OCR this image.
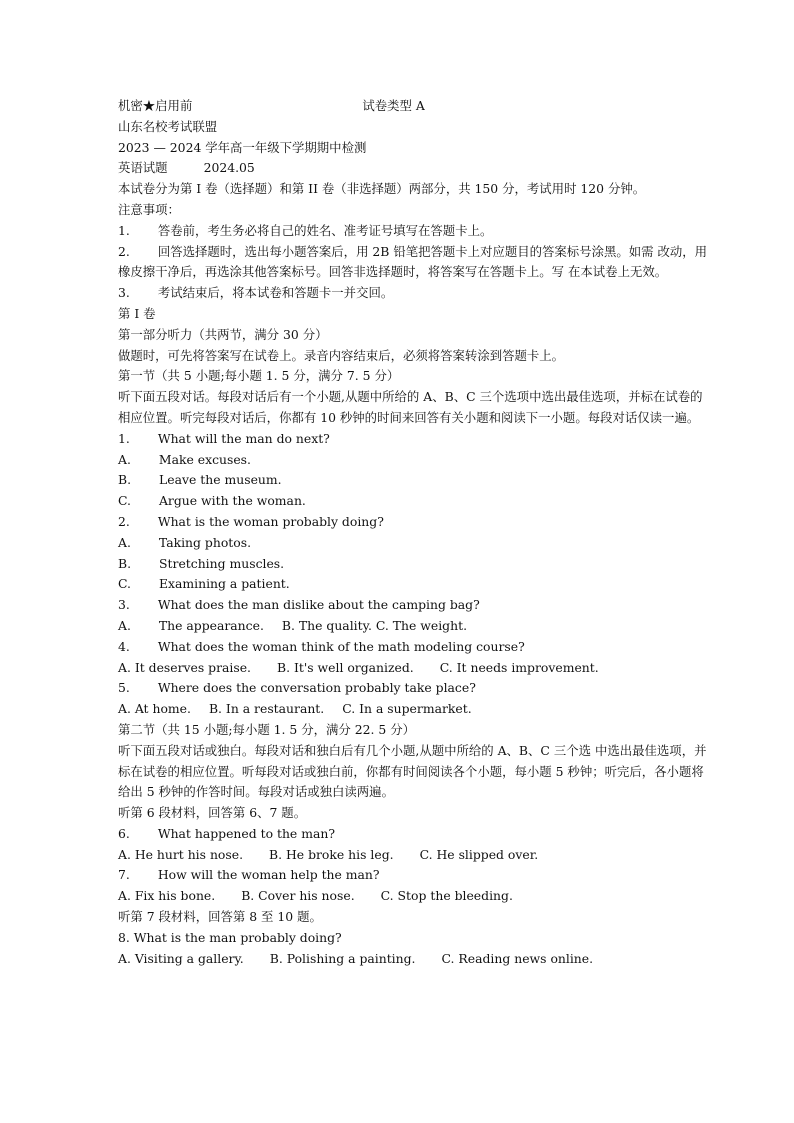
机密★启用前	试卷类型 A
山东名校考试联盟
2023 — 2024 学年高一年级下学期期中检测
英语试题	2024.05
本试卷分为第 I 卷（选择题）和第 II 卷（非选择题）两部分，共 150 分，考试用时 120 分钟。
注意事项：
1. 答卷前，考生务必将自己的姓名、准考证号填写在答题卡上。
2. 回答选择题时，选出每小题答案后，用 2B 铅笔把答题卡上对应题目的答案标号涂黑。如需 改动，用橡皮擦干净后，再选涂其他答案标号。回答非选择题时，将答案写在答题卡上。写 在本试卷上无效。
3. 考试结束后，将本试卷和答题卡一并交回。
第 I 卷
第一部分听力（共两节，满分 30 分）
做题时，可先将答案写在试卷上。录音内容结束后，必须将答案转涂到答题卡上。
第一节（共 5 小题;每小题 1. 5 分，满分 7. 5 分）
听下面五段对话。每段对话后有一个小题,从题中所给的 A、B、C 三个选项中选出最佳选项，并标在试卷的相应位置。听完每段对话后，你都有 10 秒钟的时间来回答有关小题和阅读下一小题。每段对话仅读一遍。
1. What will the man do next?
A. Make excuses.
B. Leave the museum.
C. Argue with the woman.
2. What is the woman probably doing?
A. Taking photos.
B. Stretching muscles.
C. Examining a patient.
3. What does the man dislike about the camping bag?
A. The appearance. B. The quality. C. The weight.
4. What does the woman think of the math modeling course?
A. It deserves praise. B. It's well organized. C. It needs improvement.
5. Where does the conversation probably take place?
A. At home. B. In a restaurant. C. In a supermarket.
第二节（共 15 小题;每小题 1. 5 分，满分 22. 5 分）
听下面五段对话或独白。每段对话和独白后有几个小题,从题中所给的 A、B、C 三个选 中选出最佳选项，并标在试卷的相应位置。听每段对话或独白前，你都有时间阅读各个小题，每小题 5 秒钟；听完后，各小题将给出 5 秒钟的作答时间。每段对话或独白读两遍。
听第 6 段材料，回答第 6、7 题。
6. What happened to the man?
A. He hurt his nose. B. He broke his leg. C. He slipped over.
7. How will the woman help the man?
A. Fix his bone. B. Cover his nose. C. Stop the bleeding.
听第 7 段材料，回答第 8 至 10 题。
8. What is the man probably doing?
A. Visiting a gallery. B. Polishing a painting. C. Reading news online.
